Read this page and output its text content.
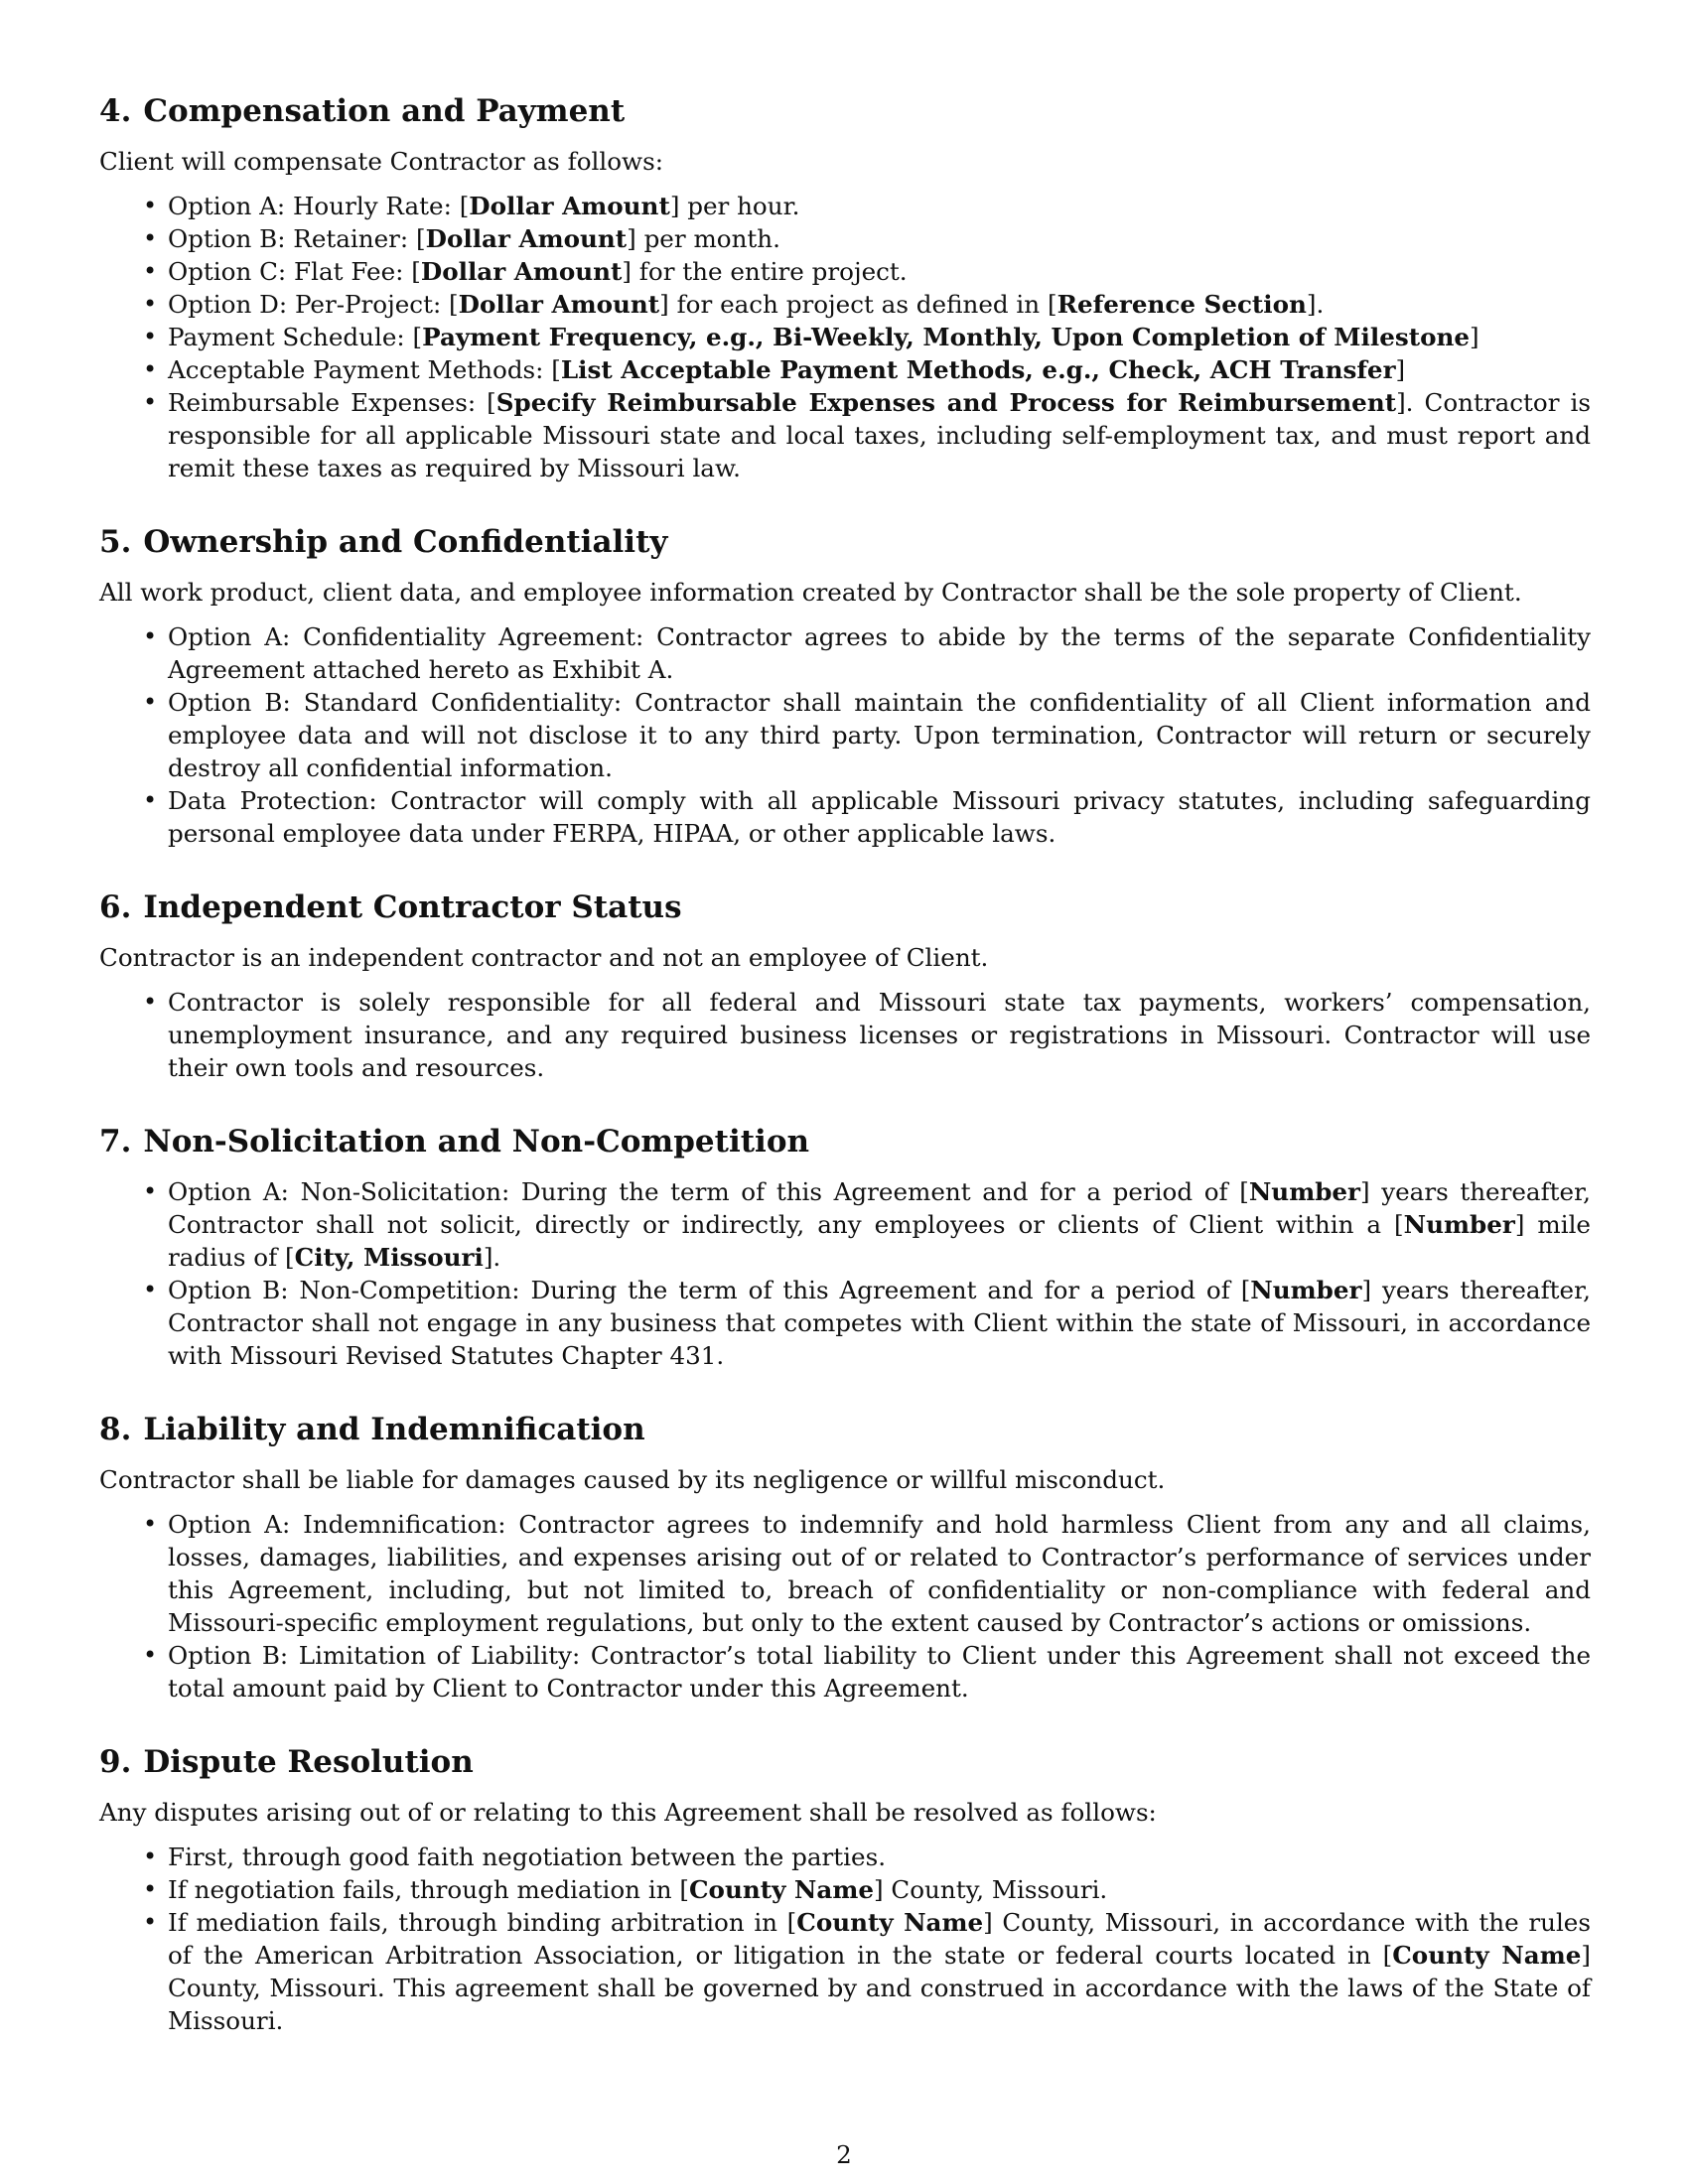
4. Compensation and Payment

Client will compensate Contractor as follows:

• Option A: Hourly Rate: [Dollar Amount] per hour.
• Option B: Retainer: [Dollar Amount] per month.
• Option C: Flat Fee: [Dollar Amount] for the entire project.
• Option D: Per-Project: [Dollar Amount] for each project as defined in [Reference Section].
• Payment Schedule: [Payment Frequency, e.g., Bi-Weekly, Monthly, Upon Completion of Milestone]
• Acceptable Payment Methods: [List Acceptable Payment Methods, e.g., Check, ACH Transfer]
• Reimbursable Expenses: [Specify Reimbursable Expenses and Process for Reimbursement]. Contractor is responsible for all applicable Missouri state and local taxes, including self-employment tax, and must report and remit these taxes as required by Missouri law.
5. Ownership and Confidentiality

All work product, client data, and employee information created by Contractor shall be the sole property of Client.

• Option A: Confidentiality Agreement: Contractor agrees to abide by the terms of the separate Confidentiality Agreement attached hereto as Exhibit A.
• Option B: Standard Confidentiality: Contractor shall maintain the confidentiality of all Client information and employee data and will not disclose it to any third party. Upon termination, Contractor will return or securely destroy all confidential information.
• Data Protection: Contractor will comply with all applicable Missouri privacy statutes, including safeguarding personal employee data under FERPA, HIPAA, or other applicable laws.
6. Independent Contractor Status

Contractor is an independent contractor and not an employee of Client.

• Contractor is solely responsible for all federal and Missouri state tax payments, workers’ compensation, unemployment insurance, and any required business licenses or registrations in Missouri. Contractor will use their own tools and resources.
7. Non-Solicitation and Non-Competition
• Option A: Non-Solicitation: During the term of this Agreement and for a period of [Number] years thereafter, Contractor shall not solicit, directly or indirectly, any employees or clients of Client within a [Number] mile radius of [City, Missouri].
• Option B: Non-Competition: During the term of this Agreement and for a period of [Number] years thereafter, Contractor shall not engage in any business that competes with Client within the state of Missouri, in accordance with Missouri Revised Statutes Chapter 431.
8. Liability and Indemnification

Contractor shall be liable for damages caused by its negligence or willful misconduct.

• Option A: Indemnification: Contractor agrees to indemnify and hold harmless Client from any and all claims, losses, damages, liabilities, and expenses arising out of or related to Contractor’s performance of services under this Agreement, including, but not limited to, breach of confidentiality or non-compliance with federal and Missouri-specific employment regulations, but only to the extent caused by Contractor’s actions or omissions.
• Option B: Limitation of Liability: Contractor’s total liability to Client under this Agreement shall not exceed the total amount paid by Client to Contractor under this Agreement.
9. Dispute Resolution

Any disputes arising out of or relating to this Agreement shall be resolved as follows:

• First, through good faith negotiation between the parties.
• If negotiation fails, through mediation in [County Name] County, Missouri.
• If mediation fails, through binding arbitration in [County Name] County, Missouri, in accordance with the rules of the American Arbitration Association, or litigation in the state or federal courts located in [County Name] County, Missouri. This agreement shall be governed by and construed in accordance with the laws of the State of Missouri.
2
